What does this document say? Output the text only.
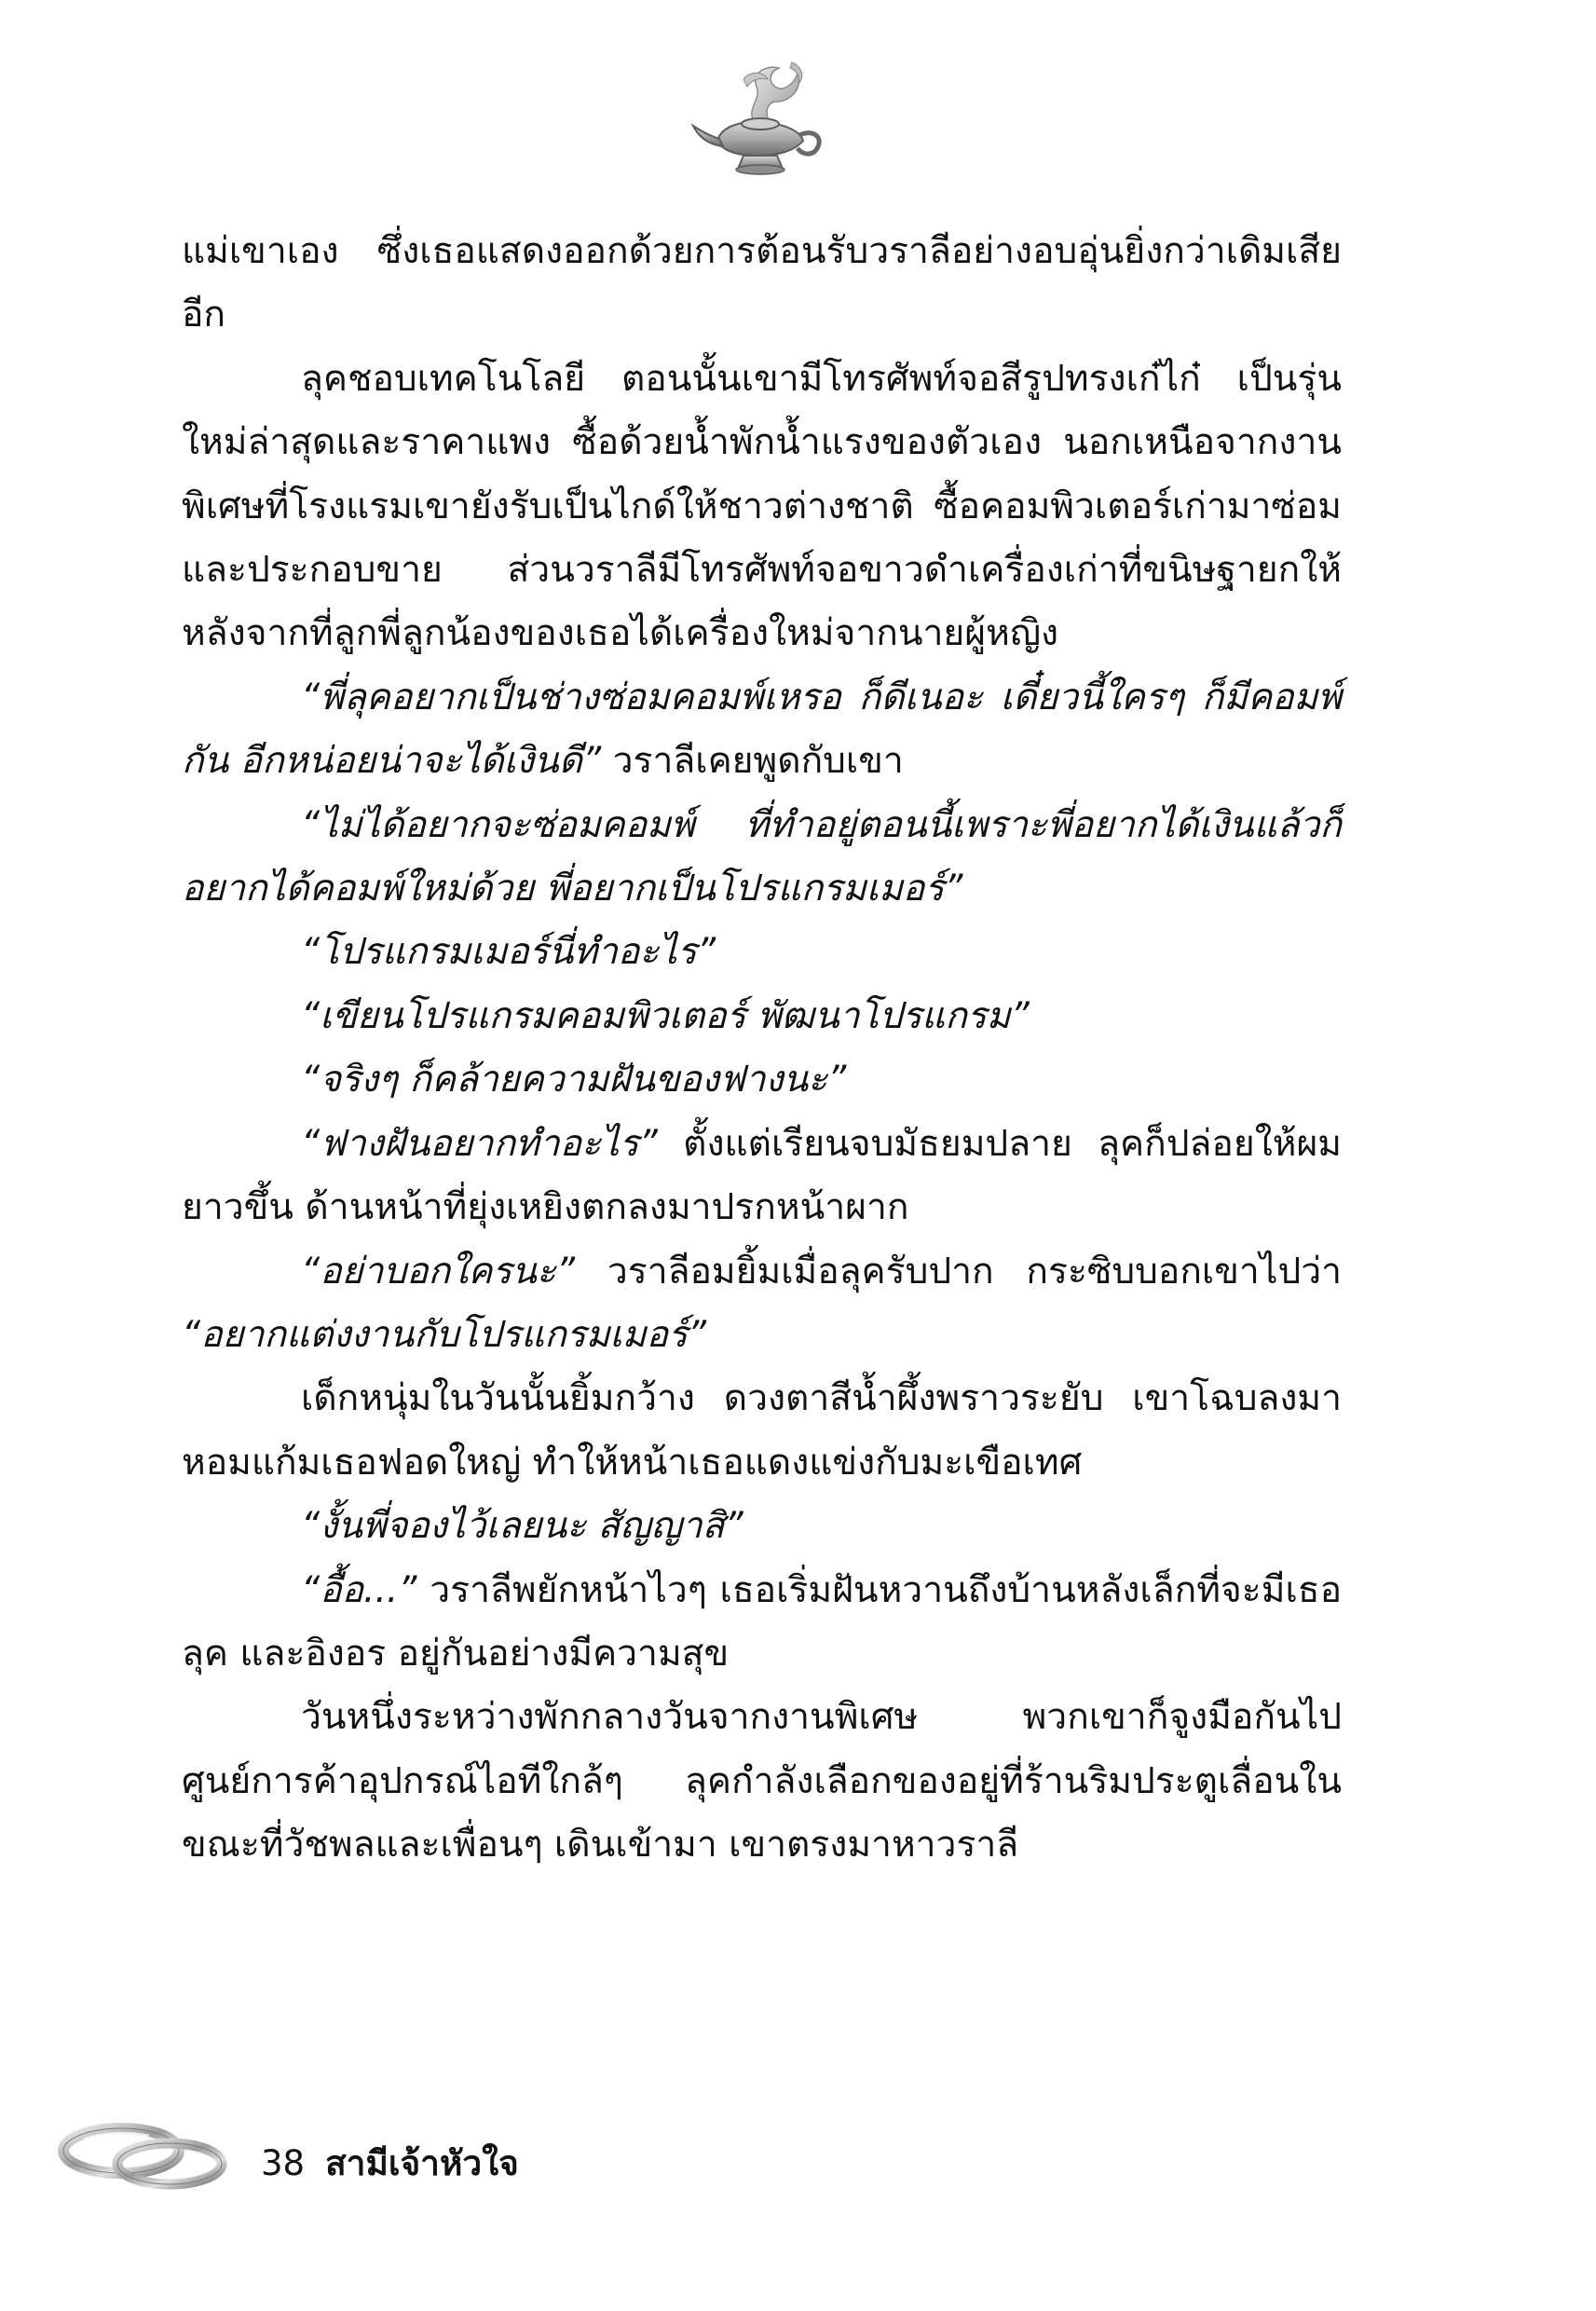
แม่เขาเอง ซึ่งเธอแสดงออกด้วยการต้อนรับวราลีอย่างอบอุ่นยิ่งกว่าเดิมเสียอีก

ลุคชอบเทคโนโลยี ตอนนั้นเขามีโทรศัพท์จอสีรูปทรงเก๋ไก๋ เป็นรุ่นใหม่ล่าสุดและราคาแพง ซื้อด้วยน้ำพักน้ำแรงของตัวเอง นอกเหนือจากงานพิเศษที่โรงแรมเขายังรับเป็นไกด์ให้ชาวต่างชาติ ซื้อคอมพิวเตอร์เก่ามาซ่อมและประกอบขาย ส่วนวราลีมีโทรศัพท์จอขาวดำเครื่องเก่าที่ขนิษฐายกให้ หลังจากที่ลูกพี่ลูกน้องของเธอได้เครื่องใหม่จากนายผู้หญิง

“พี่ลุคอยากเป็นช่างซ่อมคอมพ์เหรอ ก็ดีเนอะ เดี๋ยวนี้ใครๆ ก็มีคอมพ์กัน อีกหน่อยน่าจะได้เงินดี” วราลีเคยพูดกับเขา

“ไม่ได้อยากจะซ่อมคอมพ์ ที่ทำอยู่ตอนนี้เพราะพี่อยากได้เงินแล้วก็อยากได้คอมพ์ใหม่ด้วย พี่อยากเป็นโปรแกรมเมอร์”

“โปรแกรมเมอร์นี่ทำอะไร”

“เขียนโปรแกรมคอมพิวเตอร์ พัฒนาโปรแกรม”

“จริงๆ ก็คล้ายความฝันของฟางนะ”

“ฟางฝันอยากทำอะไร” ตั้งแต่เรียนจบมัธยมปลาย ลุคก็ปล่อยให้ผมยาวขึ้น ด้านหน้าที่ยุ่งเหยิงตกลงมาปรกหน้าผาก

“อย่าบอกใครนะ” วราลีอมยิ้มเมื่อลุครับปาก กระซิบบอกเขาไปว่า “อยากแต่งงานกับโปรแกรมเมอร์”

เด็กหนุ่มในวันนั้นยิ้มกว้าง ดวงตาสีน้ำผึ้งพราวระยับ เขาโฉบลงมาหอมแก้มเธอฟอดใหญ่ ทำให้หน้าเธอแดงแข่งกับมะเขือเทศ

“งั้นพี่จองไว้เลยนะ สัญญาสิ”

“อื้อ...” วราลีพยักหน้าไวๆ เธอเริ่มฝันหวานถึงบ้านหลังเล็กที่จะมีเธอ ลุค และอิงอร อยู่กันอย่างมีความสุข

วันหนึ่งระหว่างพักกลางวันจากงานพิเศษ พวกเขาก็จูงมือกันไปศูนย์การค้าอุปกรณ์ไอทีใกล้ๆ ลุคกำลังเลือกของอยู่ที่ร้านริมประตูเลื่อนในขณะที่วัชพลและเพื่อนๆ เดินเข้ามา เขาตรงมาหาวราลี

38 สามีเจ้าหัวใจ
